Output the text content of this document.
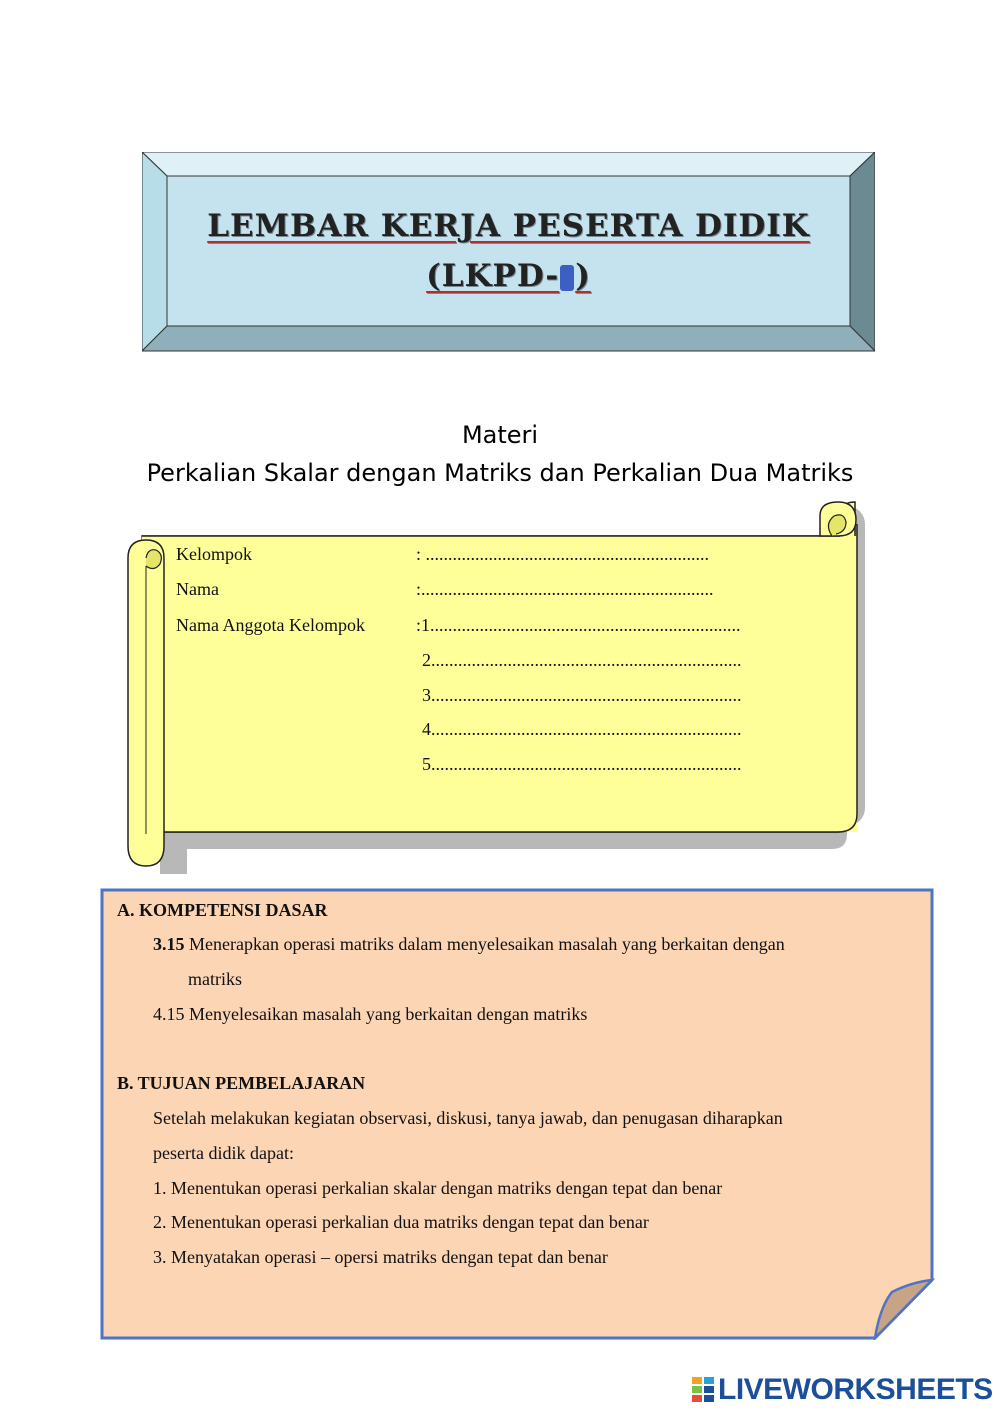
LEMBAR KERJA PESERTA DIDIK
(LKPD- )
Materi
Perkalian Skalar dengan Matriks dan Perkalian Dua Matriks
Kelompok	: ...............................................................
Nama	:.................................................................
Nama Anggota Kelompok	:1.....................................................................
2.....................................................................
3.....................................................................
4.....................................................................
5.....................................................................
A. KOMPETENSI DASAR
3.15 Menerapkan operasi matriks dalam menyelesaikan masalah yang berkaitan dengan
matriks
4.15 Menyelesaikan masalah yang berkaitan dengan matriks
B. TUJUAN PEMBELAJARAN
Setelah melakukan kegiatan observasi, diskusi, tanya jawab, dan penugasan diharapkan
peserta didik dapat:
1. Menentukan operasi perkalian skalar dengan matriks dengan tepat dan benar
2. Menentukan operasi perkalian dua matriks dengan tepat dan benar
3. Menyatakan operasi – opersi matriks dengan tepat dan benar
LIVEWORKSHEETS
